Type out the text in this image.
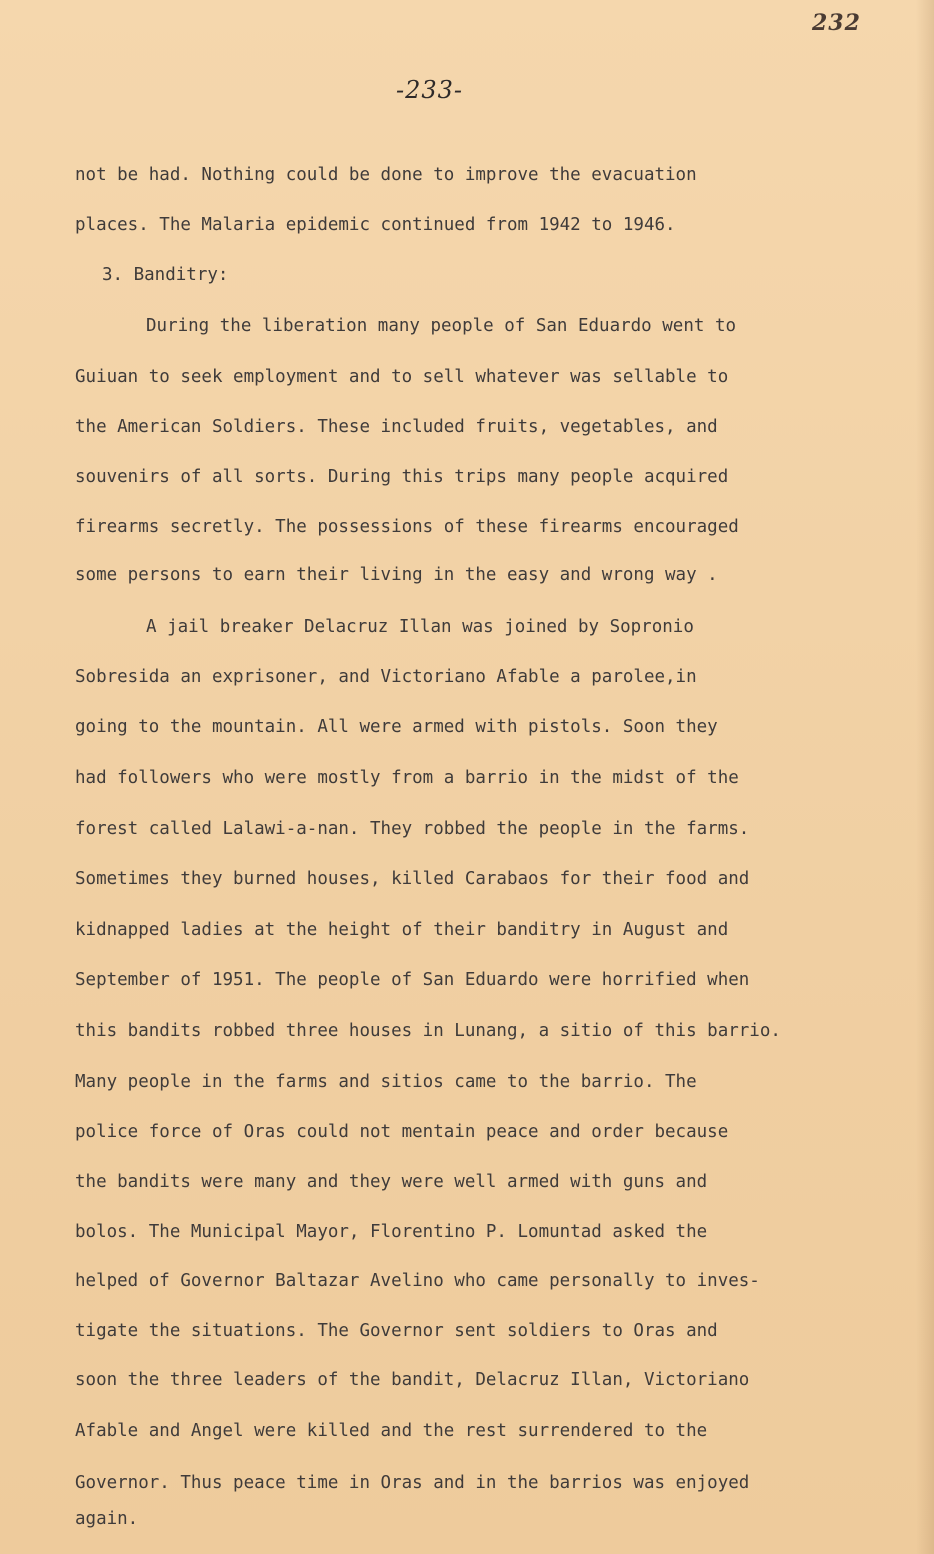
232
-233-
not be had. Nothing could be done to improve the evacuation
places. The Malaria epidemic continued from 1942 to 1946.
3. Banditry:
During the liberation many people of San Eduardo went to
Guiuan to seek employment and to sell whatever was sellable to
the American Soldiers. These included fruits, vegetables, and
souvenirs of all sorts. During this trips many people acquired
firearms secretly. The possessions of these firearms encouraged
some persons to earn their living in the easy and wrong way .
A jail breaker Delacruz Illan was joined by Sopronio
Sobresida an exprisoner, and Victoriano Afable a parolee,in
going to the mountain. All were armed with pistols. Soon they
had followers who were mostly from a barrio in the midst of the
forest called Lalawi-a-nan. They robbed the people in the farms.
Sometimes they burned houses, killed Carabaos for their food and
kidnapped ladies at the height of their banditry in August and
September of 1951. The people of San Eduardo were horrified when
this bandits robbed three houses in Lunang, a sitio of this barrio.
Many people in the farms and sitios came to the barrio. The
police force of Oras could not mentain peace and order because
the bandits were many and they were well armed with guns and
bolos. The Municipal Mayor, Florentino P. Lomuntad asked the
helped of Governor Baltazar Avelino who came personally to inves-
tigate the situations. The Governor sent soldiers to Oras and
soon the three leaders of the bandit, Delacruz Illan, Victoriano
Afable and Angel were killed and the rest surrendered to the
Governor. Thus peace time in Oras and in the barrios was enjoyed
again.
